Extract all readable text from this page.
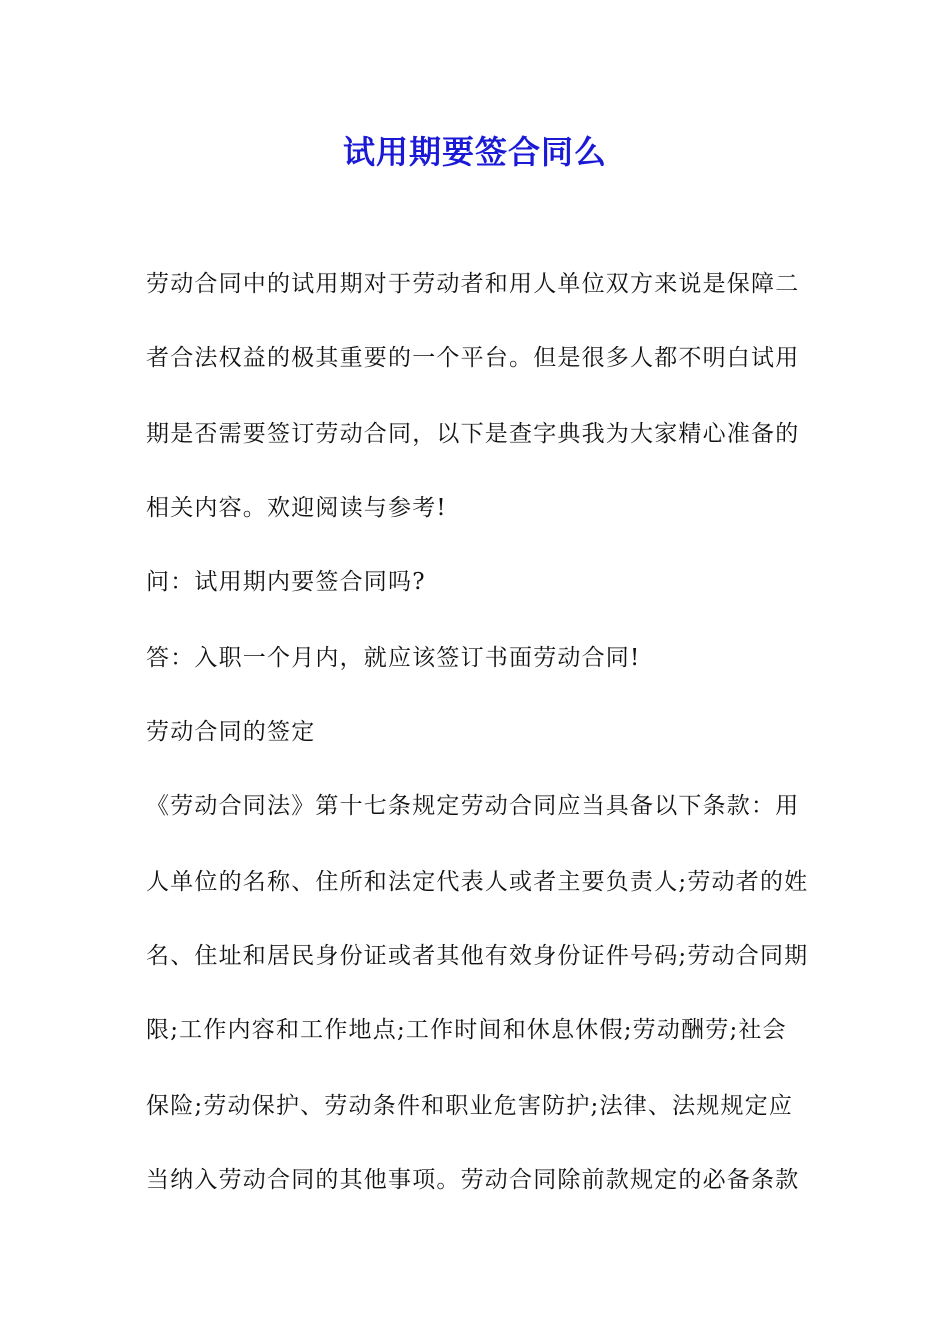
试用期要签合同么
劳动合同中的试用期对于劳动者和用人单位双方来说是保障二
者合法权益的极其重要的一个平台。但是很多人都不明白试用
期是否需要签订劳动合同，以下是查字典我为大家精心准备的
相关内容。欢迎阅读与参考!
问：试用期内要签合同吗?
答：入职一个月内，就应该签订书面劳动合同!
劳动合同的签定
《劳动合同法》第十七条规定劳动合同应当具备以下条款：用
人单位的名称、住所和法定代表人或者主要负责人;劳动者的姓
名、住址和居民身份证或者其他有效身份证件号码;劳动合同期
限;工作内容和工作地点;工作时间和休息休假;劳动酬劳;社会
保险;劳动保护、劳动条件和职业危害防护;法律、法规规定应
当纳入劳动合同的其他事项。劳动合同除前款规定的必备条款
